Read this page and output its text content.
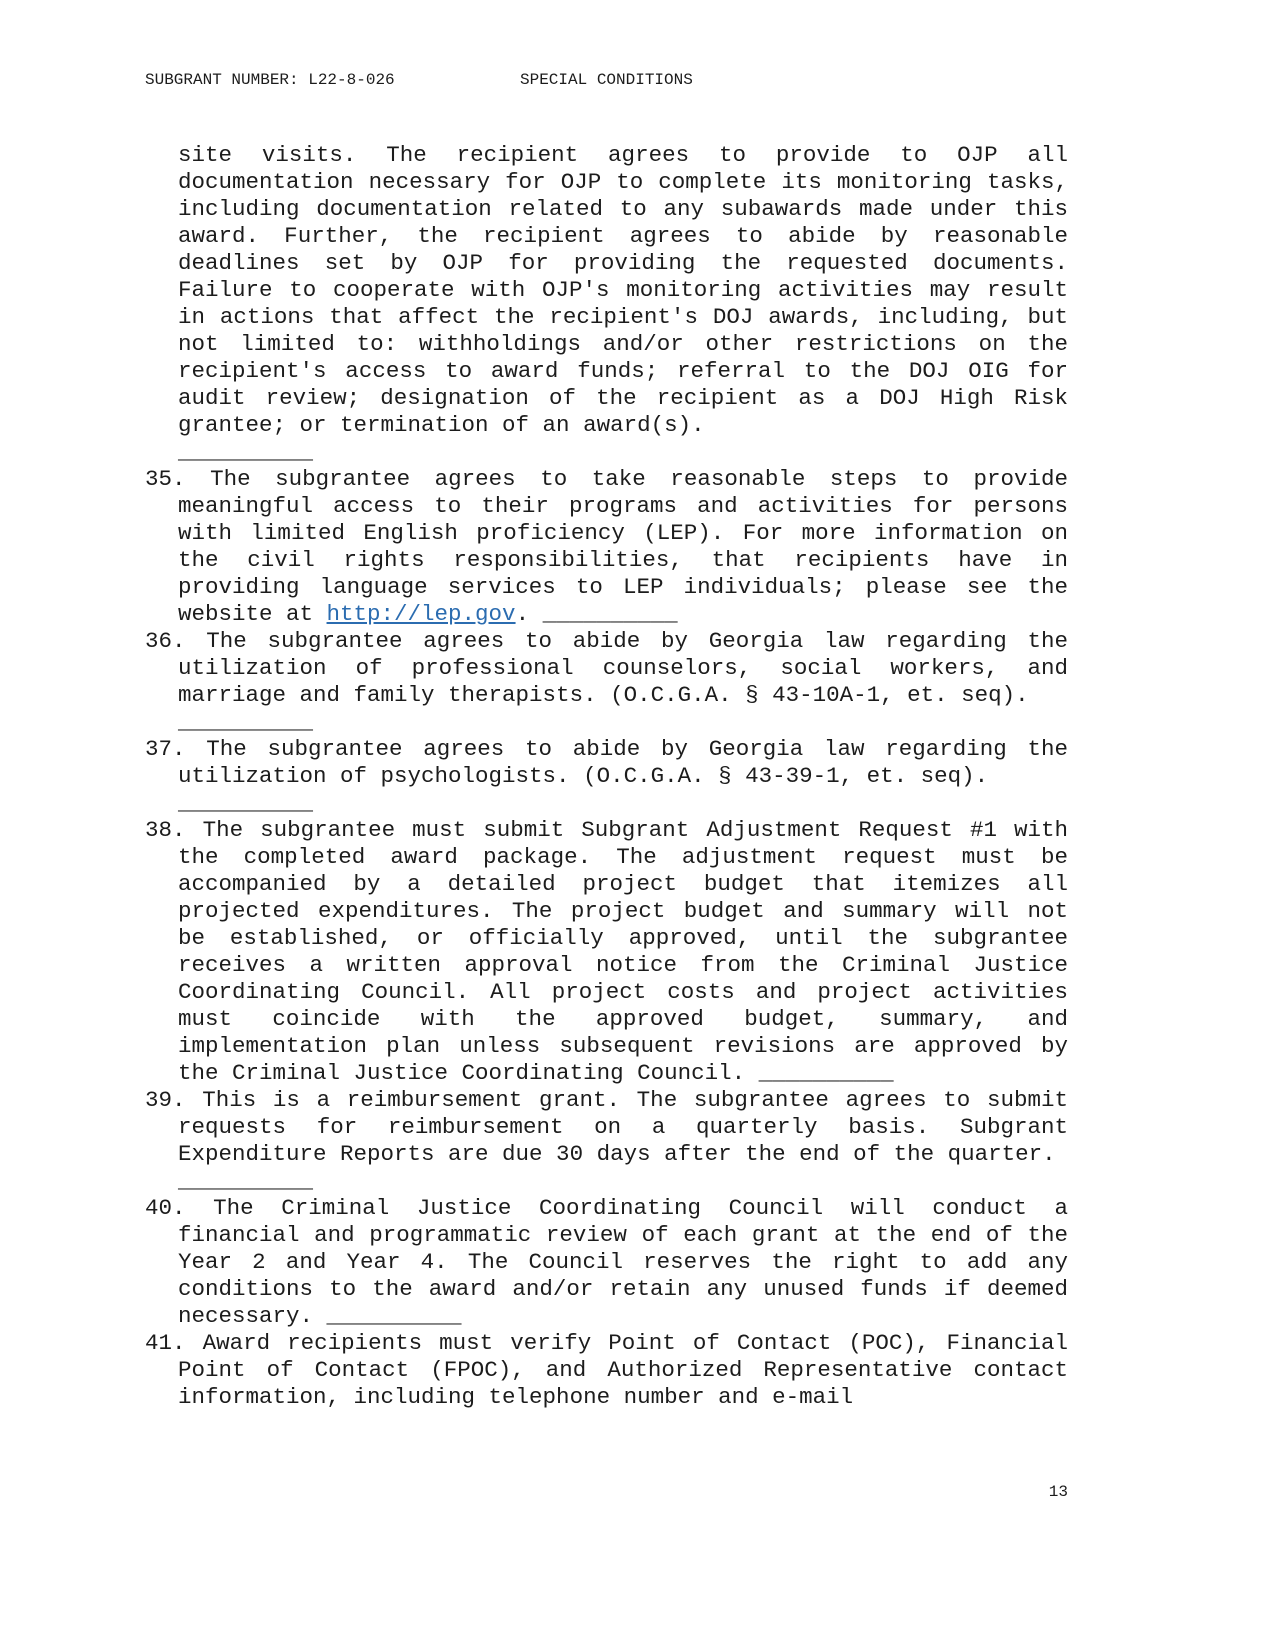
SUBGRANT NUMBER: L22-8-026	SPECIAL CONDITIONS
site visits. The recipient agrees to provide to OJP all documentation necessary for OJP to complete its monitoring tasks, including documentation related to any subawards made under this award. Further, the recipient agrees to abide by reasonable deadlines set by OJP for providing the requested documents. Failure to cooperate with OJP's monitoring activities may result in actions that affect the recipient's DOJ awards, including, but not limited to: withholdings and/or other restrictions on the recipient's access to award funds; referral to the DOJ OIG for audit review; designation of the recipient as a DOJ High Risk grantee; or termination of an award(s).
__________
35. The subgrantee agrees to take reasonable steps to provide meaningful access to their programs and activities for persons with limited English proficiency (LEP). For more information on the civil rights responsibilities, that recipients have in providing language services to LEP individuals; please see the website at http://lep.gov. __________
36. The subgrantee agrees to abide by Georgia law regarding the utilization of professional counselors, social workers, and marriage and family therapists. (O.C.G.A. § 43-10A-1, et. seq).
__________
37. The subgrantee agrees to abide by Georgia law regarding the utilization of psychologists. (O.C.G.A. § 43-39-1, et. seq).
__________
38. The subgrantee must submit Subgrant Adjustment Request #1 with the completed award package. The adjustment request must be accompanied by a detailed project budget that itemizes all projected expenditures. The project budget and summary will not be established, or officially approved, until the subgrantee receives a written approval notice from the Criminal Justice Coordinating Council. All project costs and project activities must coincide with the approved budget, summary, and implementation plan unless subsequent revisions are approved by the Criminal Justice Coordinating Council. __________
39. This is a reimbursement grant. The subgrantee agrees to submit requests for reimbursement on a quarterly basis. Subgrant Expenditure Reports are due 30 days after the end of the quarter.
__________
40. The Criminal Justice Coordinating Council will conduct a financial and programmatic review of each grant at the end of the Year 2 and Year 4. The Council reserves the right to add any conditions to the award and/or retain any unused funds if deemed necessary. __________
41. Award recipients must verify Point of Contact (POC), Financial Point of Contact (FPOC), and Authorized Representative contact information, including telephone number and e-mail
13
